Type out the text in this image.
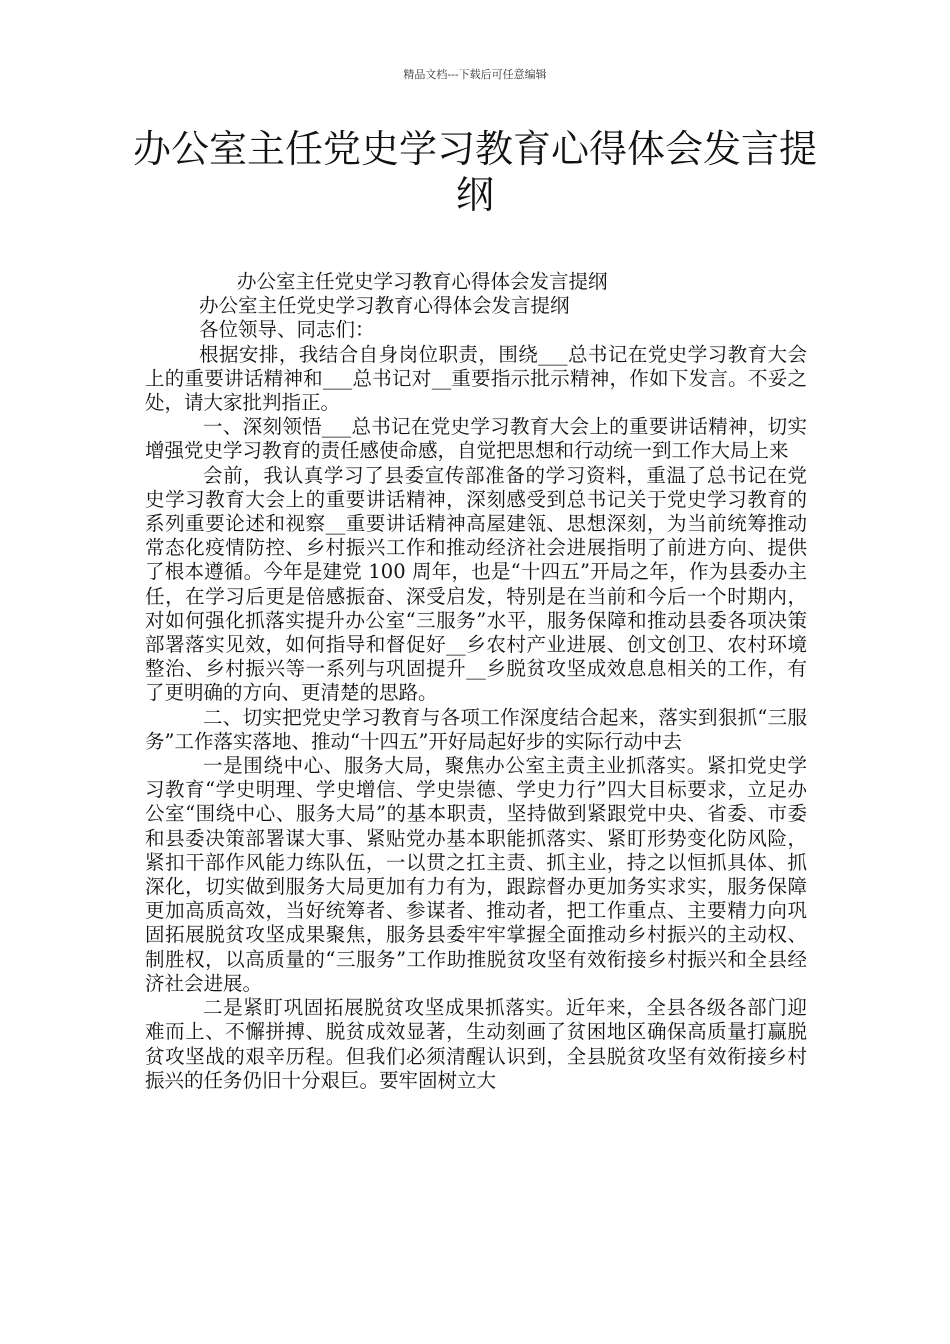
精品文档---下载后可任意编辑
办公室主任党史学习教育心得体会发言提纲

办公室主任党史学习教育心得体会发言提纲

办公室主任党史学习教育心得体会发言提纲

各位领导、同志们：

根据安排，我结合自身岗位职责，围绕___总书记在党史学习教育大会上的重要讲话精神和___总书记对__重要指示批示精神，作如下发言。不妥之处，请大家批判指正。

一、深刻领悟___总书记在党史学习教育大会上的重要讲话精神，切实增强党史学习教育的责任感使命感，自觉把思想和行动统一到工作大局上来

会前，我认真学习了县委宣传部准备的学习资料，重温了总书记在党史学习教育大会上的重要讲话精神，深刻感受到总书记关于党史学习教育的系列重要论述和视察__重要讲话精神高屋建瓴、思想深刻，为当前统筹推动常态化疫情防控、乡村振兴工作和推动经济社会进展指明了前进方向、提供了根本遵循。今年是建党 100 周年，也是“十四五”开局之年，作为县委办主任，在学习后更是倍感振奋、深受启发，特别是在当前和今后一个时期内，对如何强化抓落实提升办公室“三服务”水平，服务保障和推动县委各项决策部署落实见效，如何指导和督促好__乡农村产业进展、创文创卫、农村环境整治、乡村振兴等一系列与巩固提升__乡脱贫攻坚成效息息相关的工作，有了更明确的方向、更清楚的思路。

二、切实把党史学习教育与各项工作深度结合起来，落实到狠抓“三服务”工作落实落地、推动“十四五”开好局起好步的实际行动中去

一是围绕中心、服务大局，聚焦办公室主责主业抓落实。紧扣党史学习教育“学史明理、学史增信、学史崇德、学史力行”四大目标要求，立足办公室“围绕中心、服务大局”的基本职责，坚持做到紧跟党中央、省委、市委和县委决策部署谋大事、紧贴党办基本职能抓落实、紧盯形势变化防风险，紧扣干部作风能力练队伍，一以贯之扛主责、抓主业，持之以恒抓具体、抓深化，切实做到服务大局更加有力有为，跟踪督办更加务实求实，服务保障更加高质高效，当好统筹者、参谋者、推动者，把工作重点、主要精力向巩固拓展脱贫攻坚成果聚焦，服务县委牢牢掌握全面推动乡村振兴的主动权、制胜权，以高质量的“三服务”工作助推脱贫攻坚有效衔接乡村振兴和全县经济社会进展。

二是紧盯巩固拓展脱贫攻坚成果抓落实。近年来，全县各级各部门迎难而上、不懈拼搏、脱贫成效显著，生动刻画了贫困地区确保高质量打赢脱贫攻坚战的艰辛历程。但我们必须清醒认识到，全县脱贫攻坚有效衔接乡村振兴的任务仍旧十分艰巨。要牢固树立大
